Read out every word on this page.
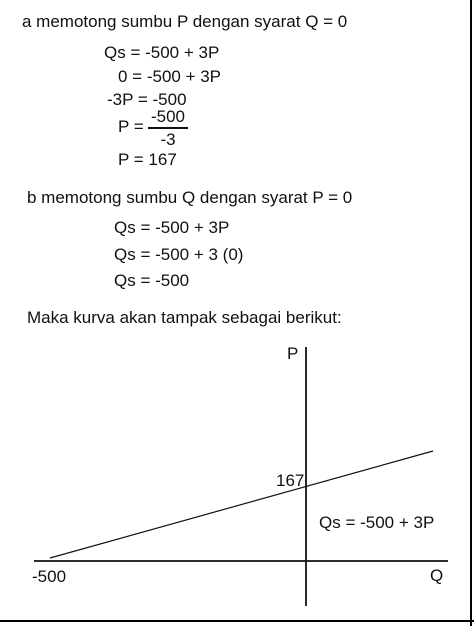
a memotong sumbu P dengan syarat Q = 0
Qs = -500 + 3P
0 = -500 + 3P
-3P = -500
P =
-500
-3
P = 167
b memotong sumbu Q dengan syarat P = 0
Qs = -500 + 3P
Qs = -500 + 3 (0)
Qs = -500
Maka kurva akan tampak sebagai berikut:
P
Q
167
-500
Qs = -500 + 3P
